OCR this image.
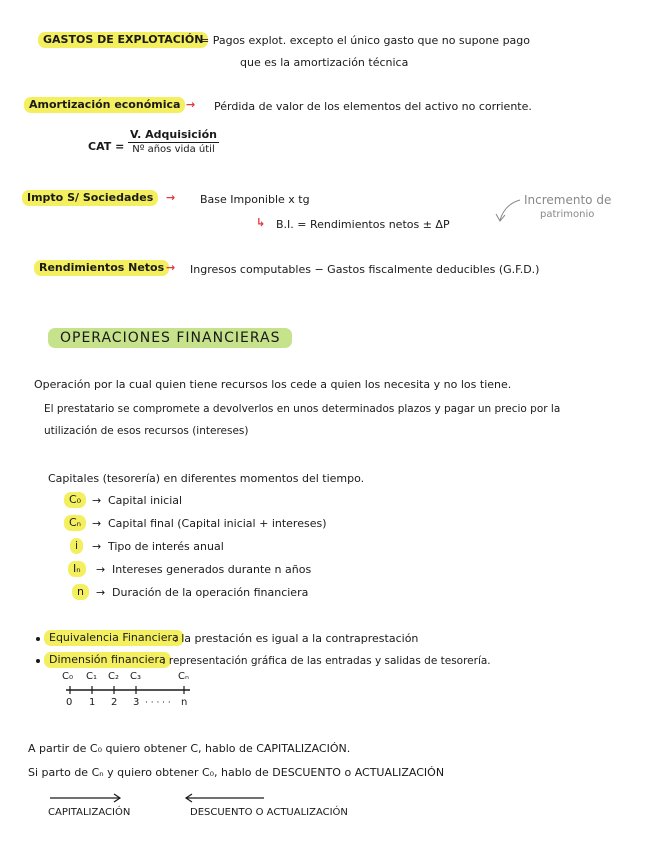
GASTOS DE EXPLOTACIÓN
= Pagos explot. excepto el único gasto que no supone pago
que es la amortización técnica
Amortización económica → Pérdida de valor de los elementos del activo no corriente.
CAT =
V. Adquisición
Nº años vida útil
Impto S/ Sociedades	→ Base Imponible x tg
↳ B.I. = Rendimientos netos ± ΔP
Incremento de
patrimonio
Rendimientos Netos → Ingresos computables − Gastos fiscalmente deducibles (G.F.D.)
OPERACIONES FINANCIERAS
Operación por la cual quien tiene recursos los cede a quien los necesita y no los tiene.
El prestatario se compromete a devolverlos en unos determinados plazos y pagar un precio por la
utilización de esos recursos (intereses)
Capitales (tesorería) en diferentes momentos del tiempo.
C₀ → Capital inicial
Cₙ → Capital final (Capital inicial + intereses)
i	→ Tipo de interés anual
Iₙ	→ Intereses generados durante n años
n	→ Duración de la operación financiera
Equivalencia Financiera
: la prestación es igual a la contraprestación
Dimensión financiera
: representación gráfica de las entradas y salidas de tesorería.
C₀ C₁ C₂ C₃	Cₙ
0 1 2 3 · · · · · n
A partir de C₀ quiero obtener C, hablo de CAPITALIZACIÓN.
Si parto de Cₙ y quiero obtener C₀, hablo de DESCUENTO o ACTUALIZACIÓN
CAPITALIZACIÓN	DESCUENTO O ACTUALIZACIÓN
